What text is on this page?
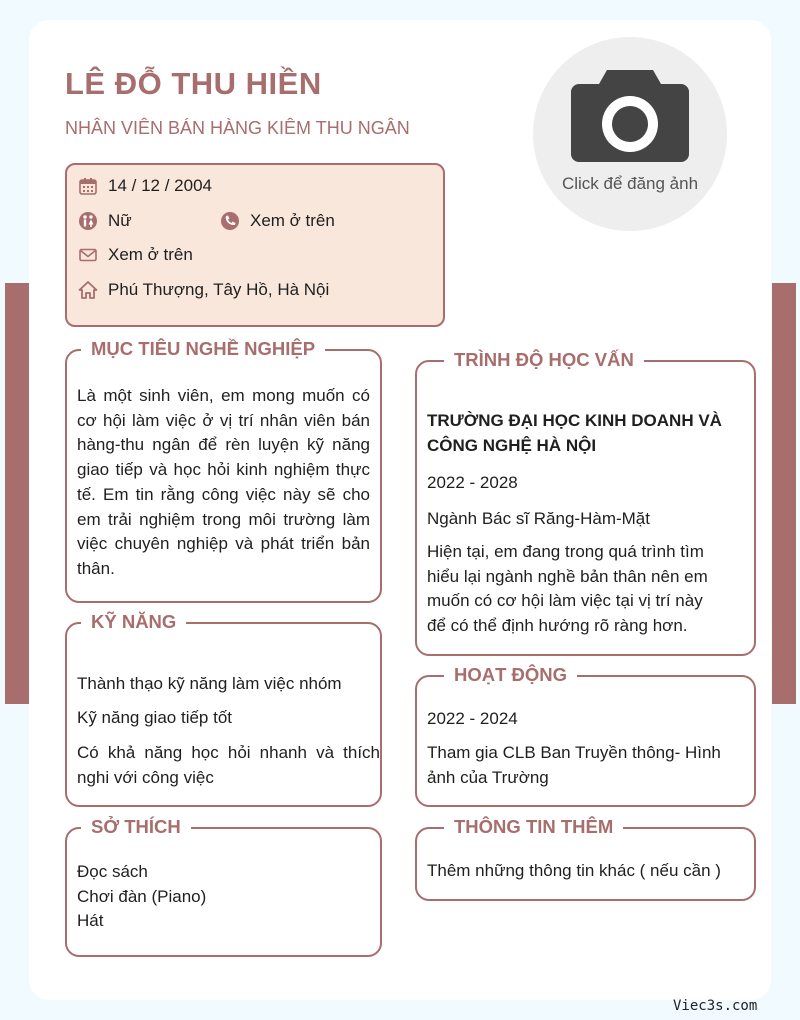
LÊ ĐỖ THU HIỀN
NHÂN VIÊN BÁN HÀNG KIÊM THU NGÂN
Click để đăng ảnh
14 / 12 / 2004
Nữ	Xem ở trên
Xem ở trên
Phú Thượng, Tây Hồ, Hà Nội
MỤC TIÊU NGHỀ NGHIỆP
Là một sinh viên, em mong muốn có
cơ hội làm việc ở vị trí nhân viên bán
hàng-thu ngân để rèn luyện kỹ năng
giao tiếp và học hỏi kinh nghiệm thực
tế. Em tin rằng công việc này sẽ cho
em trải nghiệm trong môi trường làm
việc chuyên nghiệp và phát triển bản
thân.
TRÌNH ĐỘ HỌC VẤN
TRƯỜNG ĐẠI HỌC KINH DOANH VÀ
CÔNG NGHỆ HÀ NỘI
2022 - 2028
Ngành Bác sĩ Răng-Hàm-Mặt
Hiện tại, em đang trong quá trình tìm
hiểu lại ngành nghề bản thân nên em
muốn có cơ hội làm việc tại vị trí này
để có thể định hướng rõ ràng hơn.
KỸ NĂNG
Thành thạo kỹ năng làm việc nhóm
Kỹ năng giao tiếp tốt
Có khả năng học hỏi nhanh và thích
nghi với công việc
HOẠT ĐỘNG
2022 - 2024
Tham gia CLB Ban Truyền thông- Hình
ảnh của Trường
SỞ THÍCH
Đọc sách
Chơi đàn (Piano)
Hát
THÔNG TIN THÊM
Thêm những thông tin khác ( nếu cần )
Viec3s.com
